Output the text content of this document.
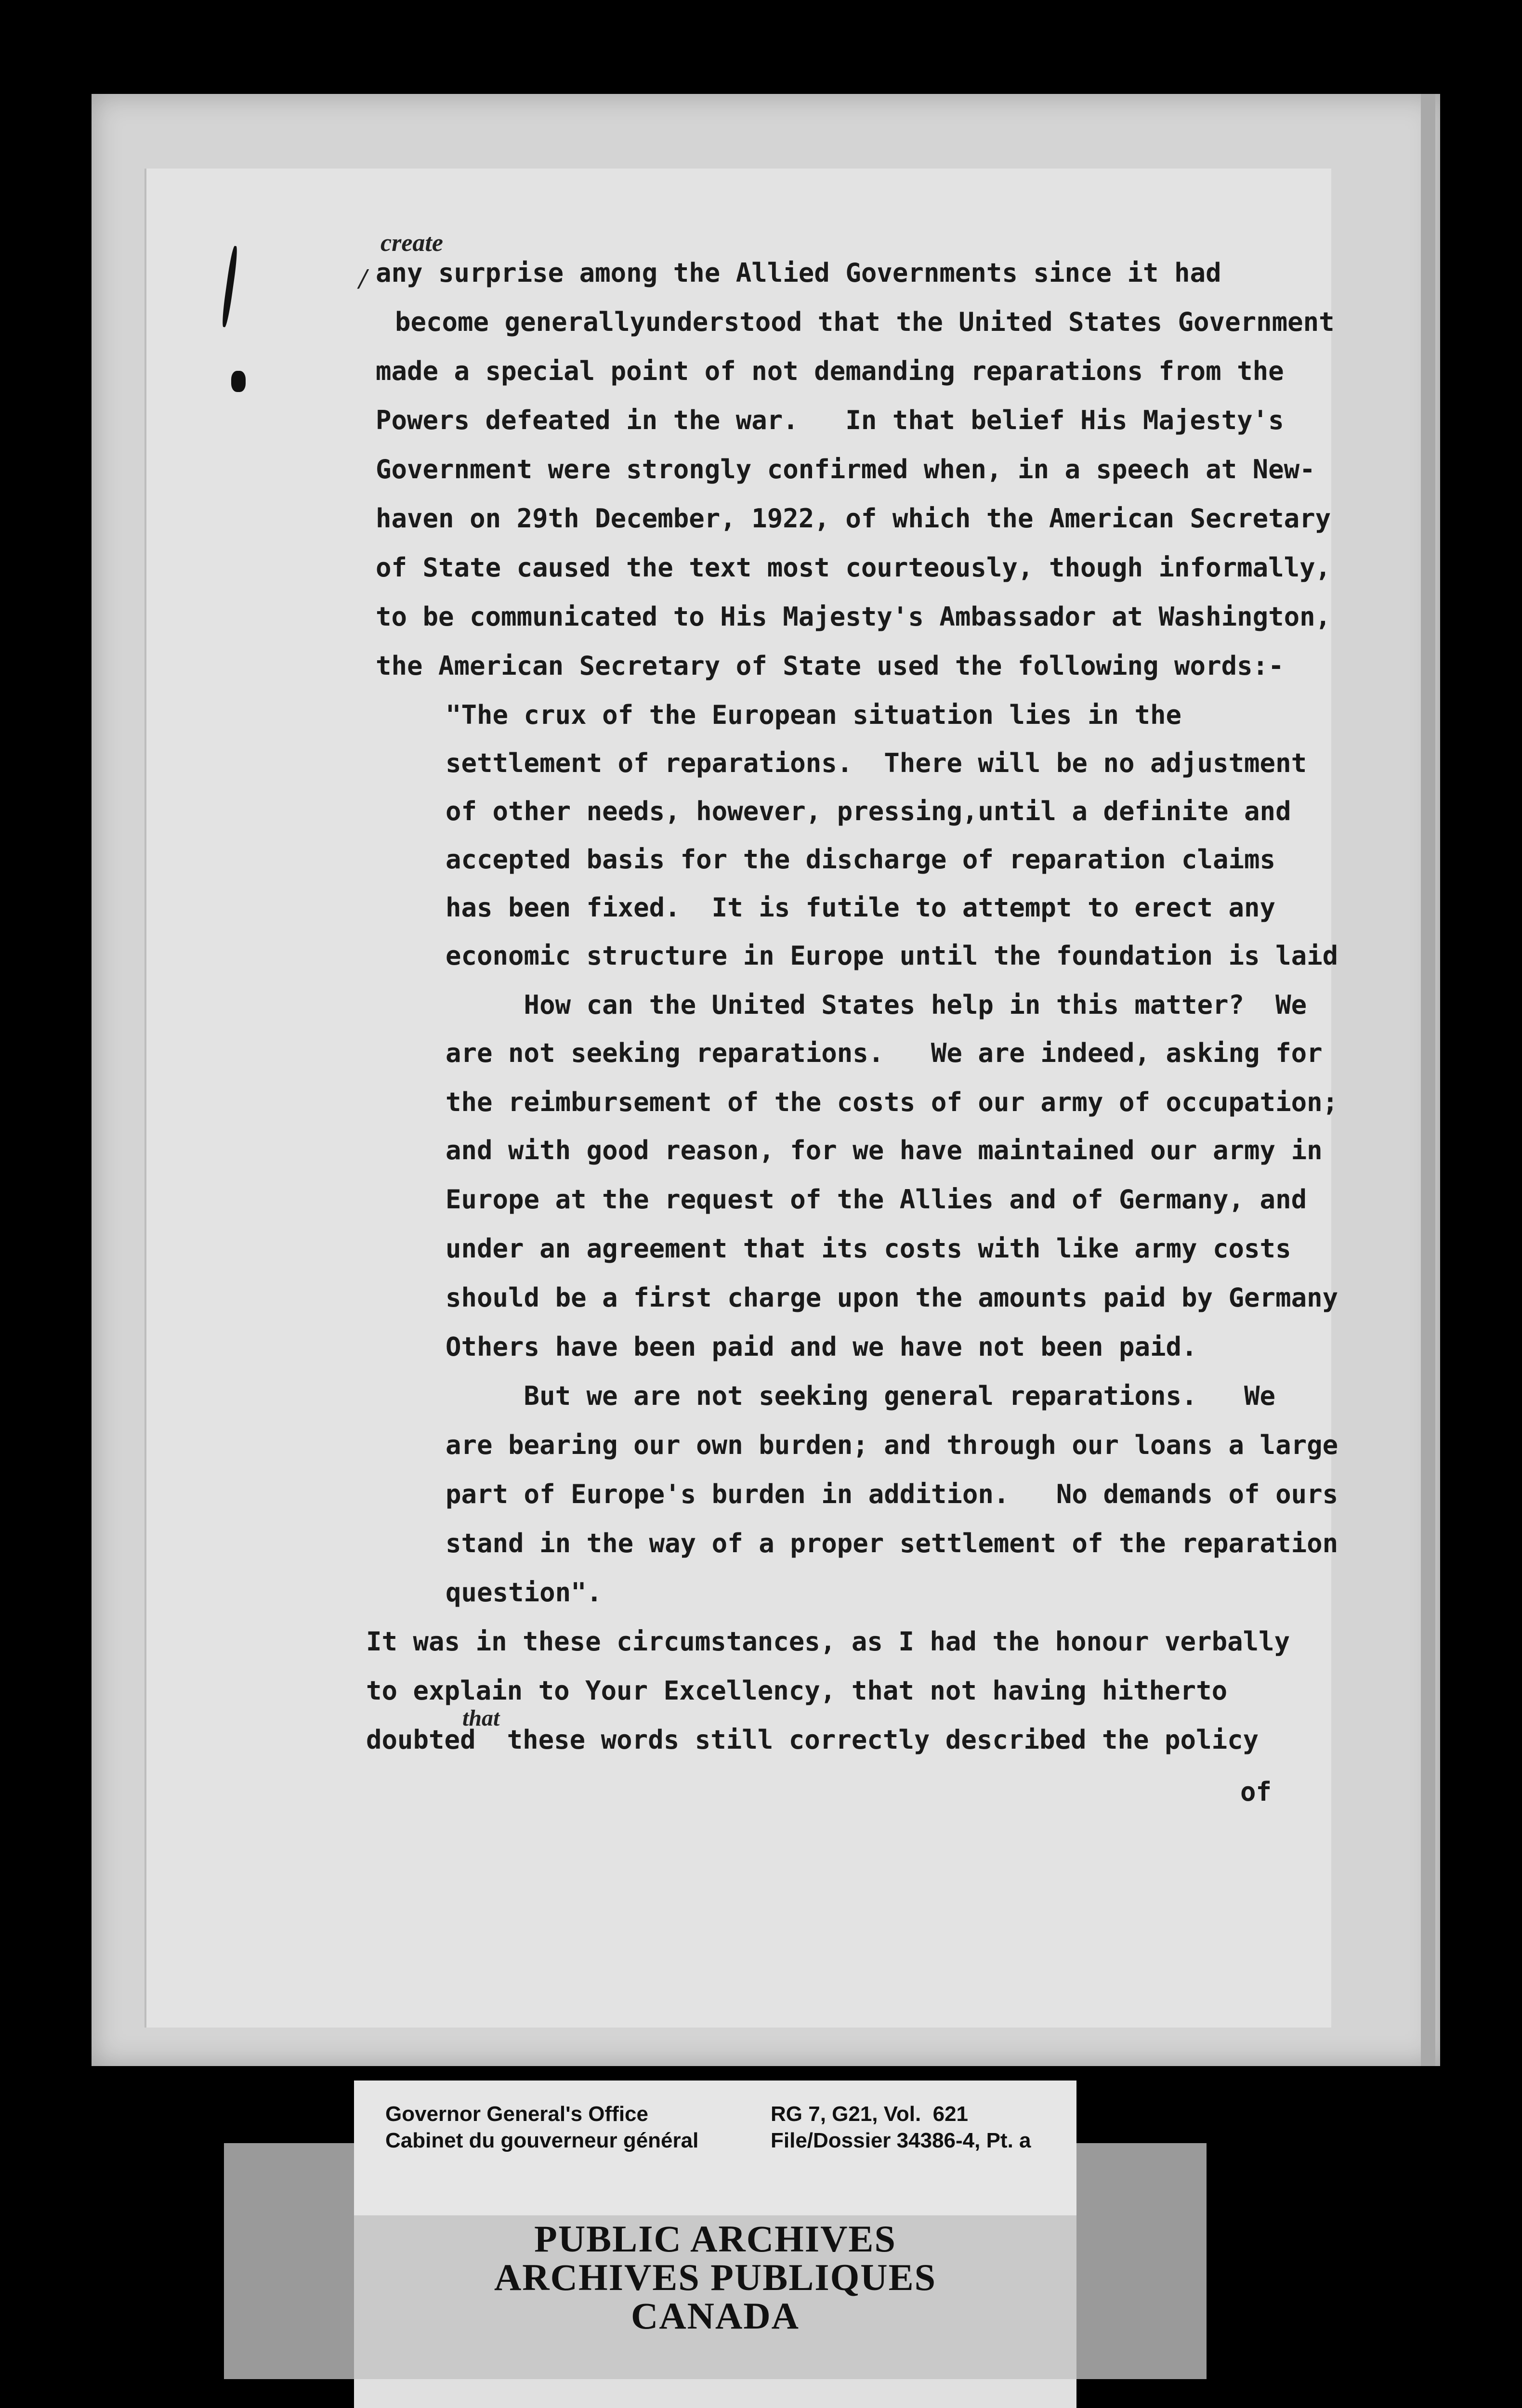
create
/ any surprise among the Allied Governments since it had
become generallyunderstood that the United States Government
made a special point of not demanding reparations from the
Powers defeated in the war.   In that belief His Majesty's
Government were strongly confirmed when, in a speech at New-
haven on 29th December, 1922, of which the American Secretary
of State caused the text most courteously, though informally,
to be communicated to His Majesty's Ambassador at Washington,
the American Secretary of State used the following words:-
"The crux of the European situation lies in the
settlement of reparations.  There will be no adjustment
of other needs, however, pressing,until a definite and
accepted basis for the discharge of reparation claims
has been fixed.  It is futile to attempt to erect any
economic structure in Europe until the foundation is laid
How can the United States help in this matter?  We
are not seeking reparations.   We are indeed, asking for
the reimbursement of the costs of our army of occupation;
and with good reason, for we have maintained our army in
Europe at the request of the Allies and of Germany, and
under an agreement that its costs with like army costs
should be a first charge upon the amounts paid by Germany
Others have been paid and we have not been paid.
But we are not seeking general reparations.   We
are bearing our own burden; and through our loans a large
part of Europe's burden in addition.   No demands of ours
stand in the way of a proper settlement of the reparation
question".
It was in these circumstances, as I had the honour verbally
to explain to Your Excellency, that not having hitherto
that
doubted  these words still correctly described the policy
of
Governor General's Office
Cabinet du gouverneur général
RG 7, G21, Vol.  621
File/Dossier 34386-4, Pt. a
PUBLIC ARCHIVES
ARCHIVES PUBLIQUES
CANADA
